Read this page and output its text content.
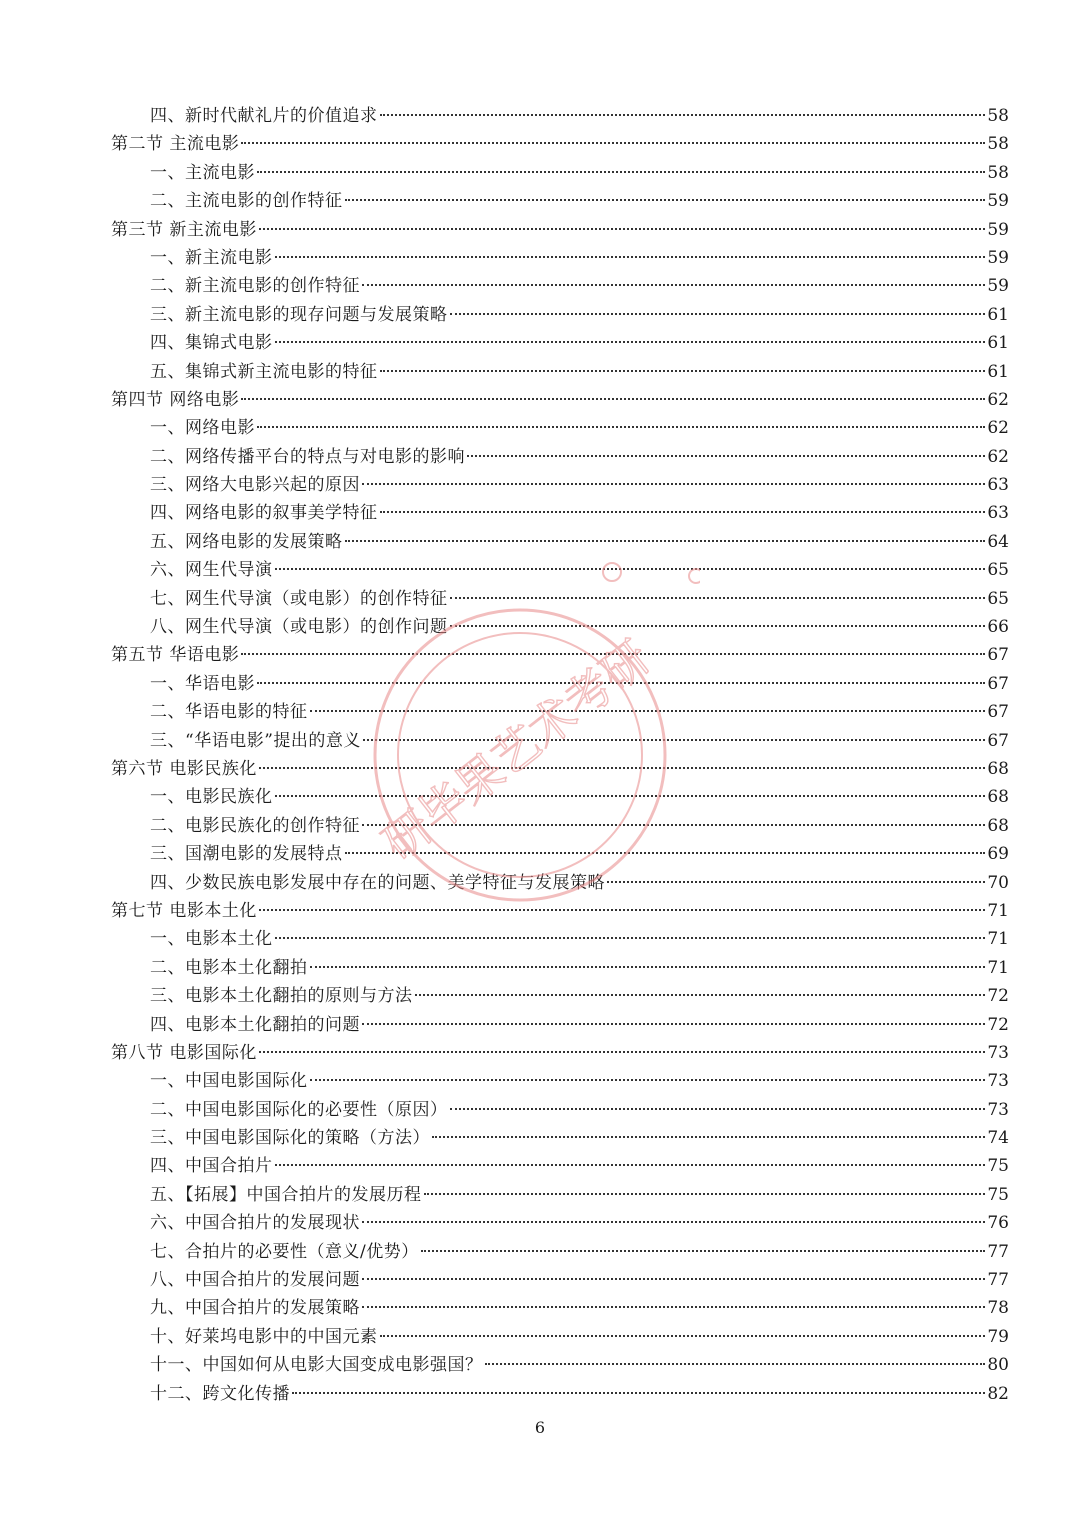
四、新时代献礼片的价值追求	58
第二节 主流电影	58
一、主流电影	58
二、主流电影的创作特征	59
第三节 新主流电影	59
一、新主流电影	59
二、新主流电影的创作特征	59
三、新主流电影的现存问题与发展策略	61
四、集锦式电影	61
五、集锦式新主流电影的特征	61
第四节 网络电影	62
一、网络电影	62
二、网络传播平台的特点与对电影的影响	62
三、网络大电影兴起的原因	63
四、网络电影的叙事美学特征	63
五、网络电影的发展策略	64
六、网生代导演	65
七、网生代导演（或电影）的创作特征	65
八、网生代导演（或电影）的创作问题	66
第五节 华语电影	67
一、华语电影	67
二、华语电影的特征	67
三、“华语电影”提出的意义	67
第六节 电影民族化	68
一、电影民族化	68
二、电影民族化的创作特征	68
三、国潮电影的发展特点	69
四、少数民族电影发展中存在的问题、美学特征与发展策略	70
第七节 电影本土化	71
一、电影本土化	71
二、电影本土化翻拍	71
三、电影本土化翻拍的原则与方法	72
四、电影本土化翻拍的问题	72
第八节 电影国际化	73
一、中国电影国际化	73
二、中国电影国际化的必要性（原因）	73
三、中国电影国际化的策略（方法）	74
四、中国合拍片	75
五、【拓展】中国合拍片的发展历程	75
六、中国合拍片的发展现状	76
七、合拍片的必要性（意义/优势）	77
八、中国合拍片的发展问题	77
九、中国合拍片的发展策略	78
十、好莱坞电影中的中国元素	79
十一、中国如何从电影大国变成电影强国？	80
十二、跨文化传播	82
研毕果艺术考研
6
